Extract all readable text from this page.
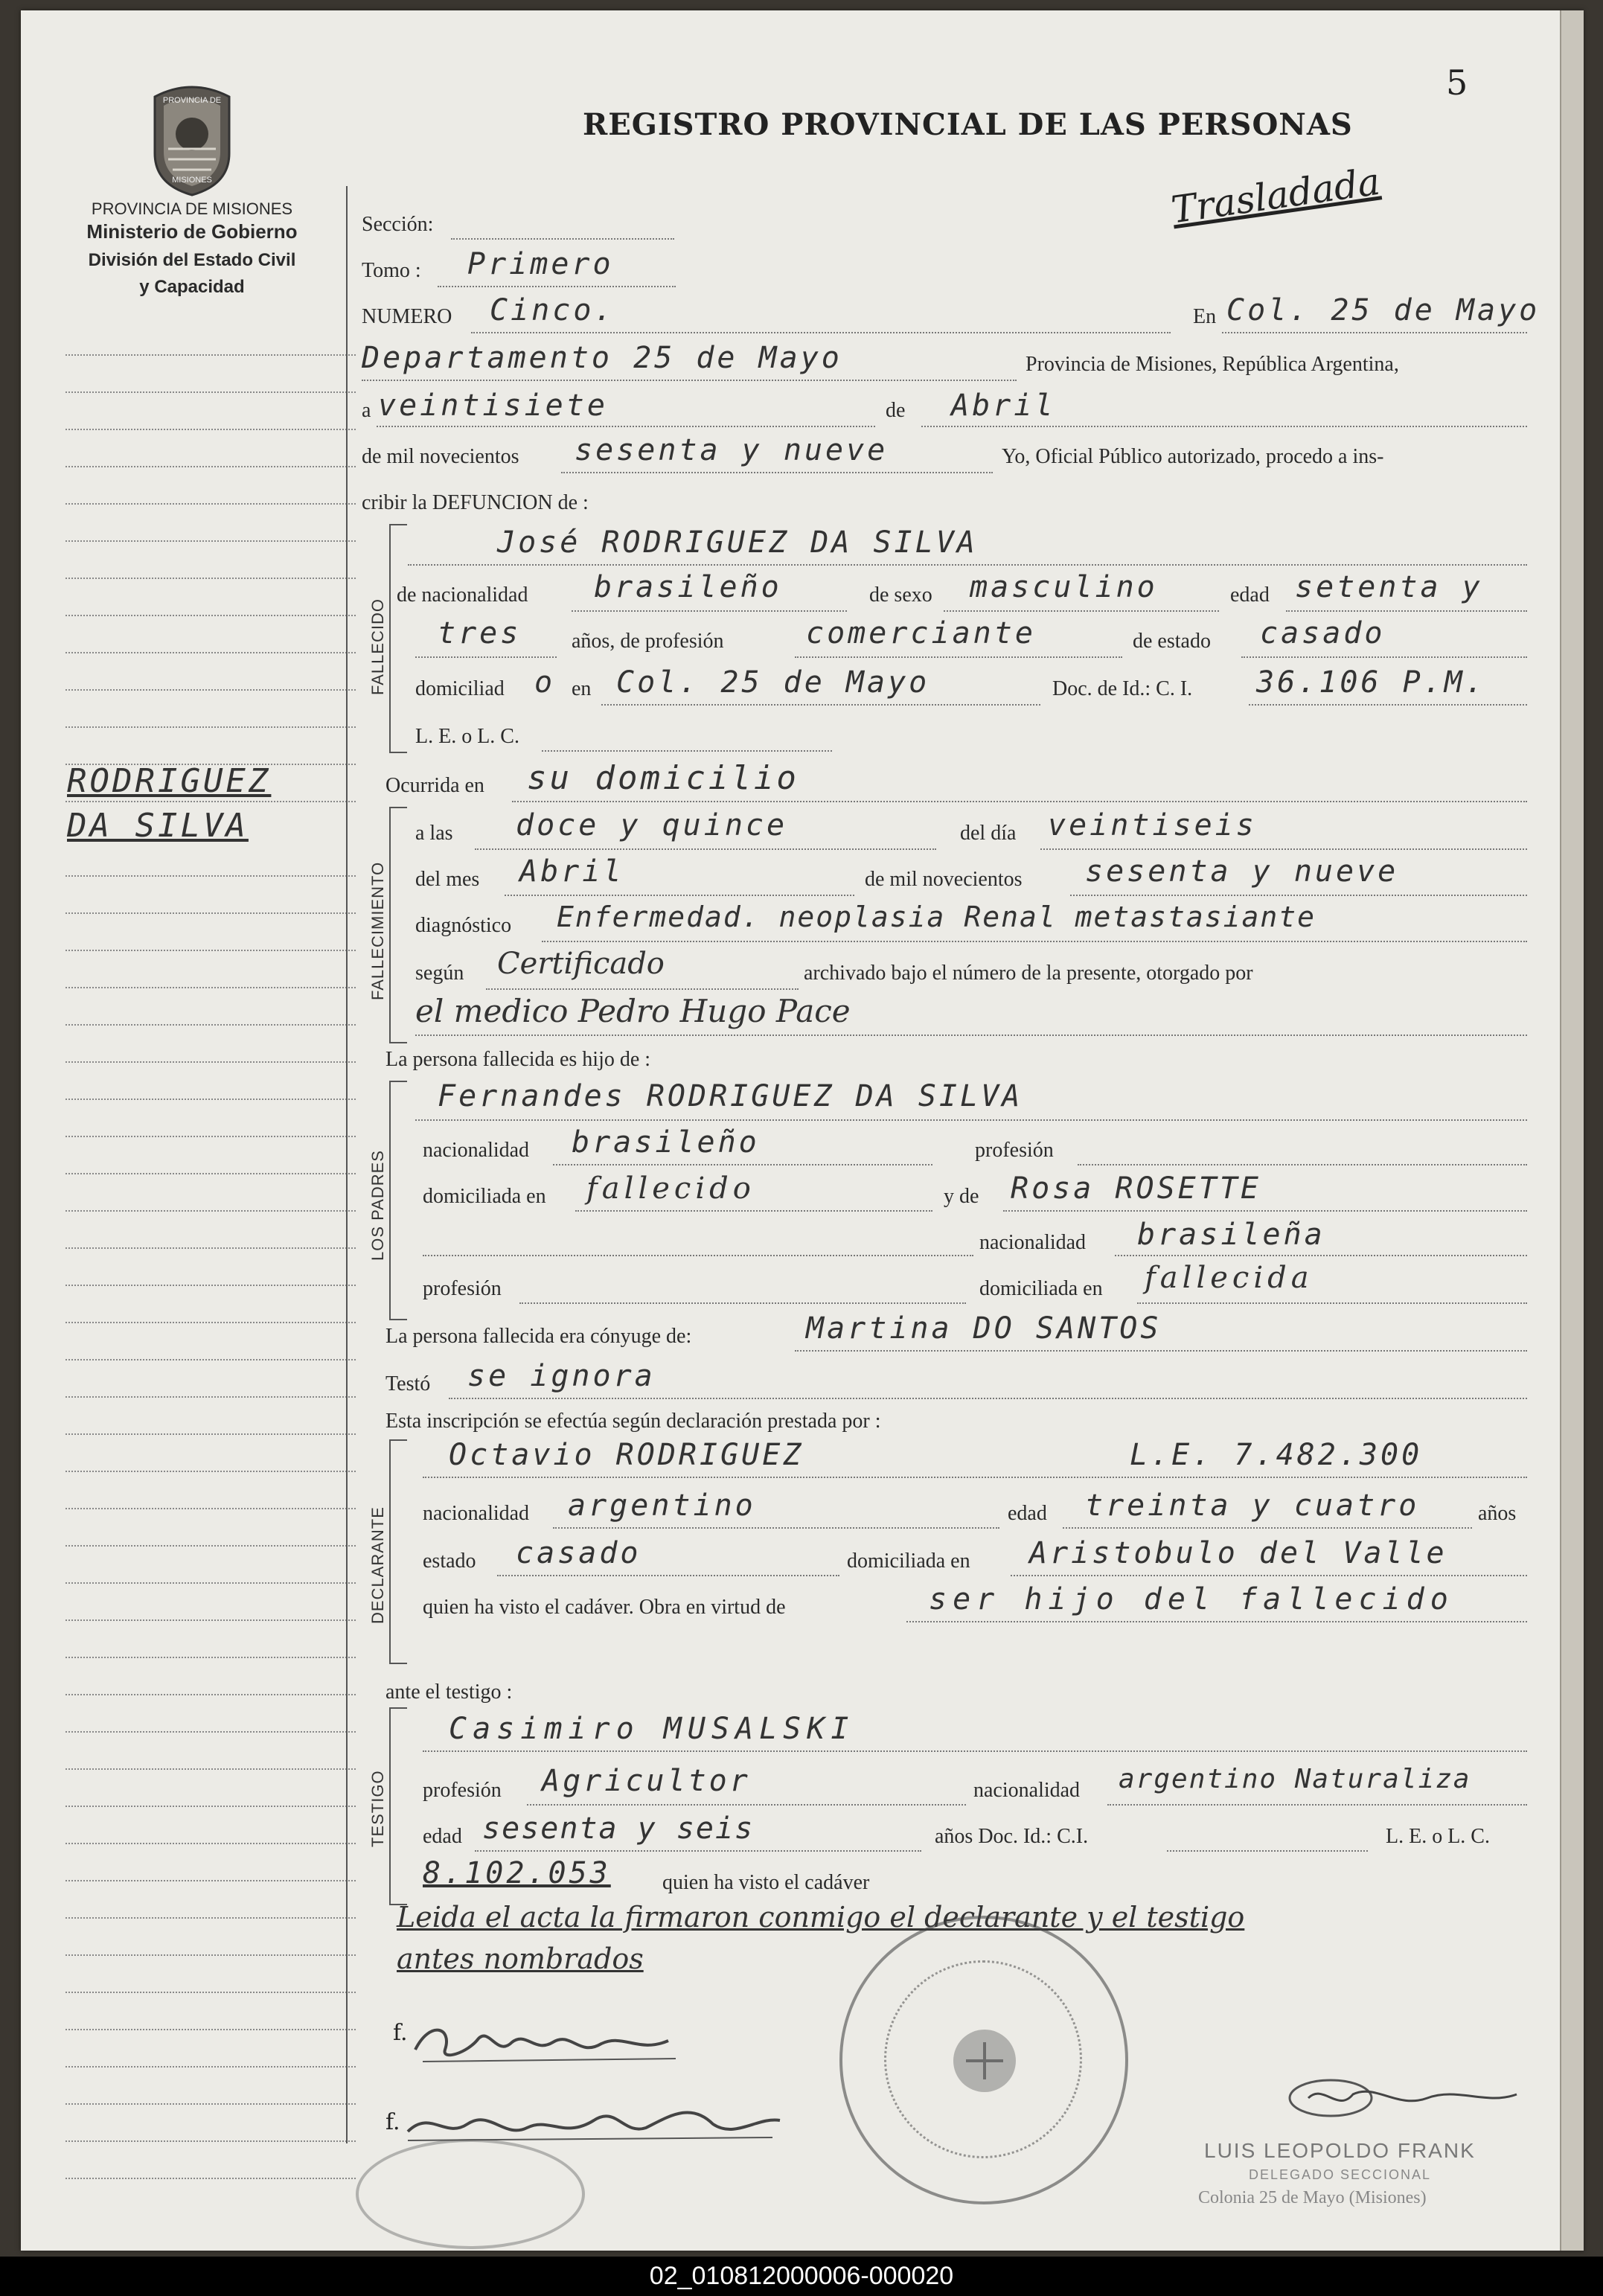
5
PROVINCIA DE
MISIONES
PROVINCIA DE MISIONES
Ministerio de Gobierno
División del Estado Civil
y Capacidad
REGISTRO PROVINCIAL DE LAS PERSONAS
Trasladada
RODRIGUEZ
DA SILVA
Sección:
Tomo : Primero
NUMERO Cinco.	En Col. 25 de Mayo
Departamento 25 de Mayo	Provincia de Misiones, República Argentina,
a veintisiete	de Abril
de mil novecientos sesenta y nueve	Yo, Oficial Público autorizado, procedo a ins-
cribir la DEFUNCION de :
FALLECIDO
José RODRIGUEZ DA SILVA
de nacionalidad brasileño	de sexo masculino	edad setenta y
tres años, de profesión	comerciante	de estado casado
domiciliad o en Col. 25 de Mayo	Doc. de Id.: C. I. 36.106 P.M.
L. E. o L. C.
Ocurrida en su domicilio
FALLECIMIENTO
a las doce y quince	del día veintiseis
del mes Abril	de mil novecientos sesenta y nueve
diagnóstico Enfermedad. neoplasia Renal metastasiante
según Certificado	archivado bajo el número de la presente, otorgado por
el medico Pedro Hugo Pace
La persona fallecida es hijo de :
LOS PADRES
Fernandes RODRIGUEZ DA SILVA
nacionalidad brasileño	profesión
domiciliada en fallecido	y de Rosa ROSETTE
nacionalidad brasileña
profesión	domiciliada en fallecida
La persona fallecida era cónyuge de:	Martina DO SANTOS
Testó se ignora
Esta inscripción se efectúa según declaración prestada por :
DECLARANTE
Octavio RODRIGUEZ	L.E. 7.482.300
nacionalidad argentino	edad treinta y cuatro	años
estado casado	domiciliada en Aristobulo del Valle
quien ha visto el cadáver. Obra en virtud de	ser hijo del fallecido
ante el testigo :
TESTIGO
Casimiro MUSALSKI
profesión Agricultor	nacionalidad argentino Naturaliza
edad sesenta y seis	años Doc. Id.: C.I.	L. E. o L. C.
8.102.053 quien ha visto el cadáver
Leida el acta la firmaron conmigo el declarante y el testigo
antes nombrados
f.
f.
LUIS LEOPOLDO FRANK
DELEGADO SECCIONAL
Colonia 25 de Mayo (Misiones)
02_010812000006-000020
